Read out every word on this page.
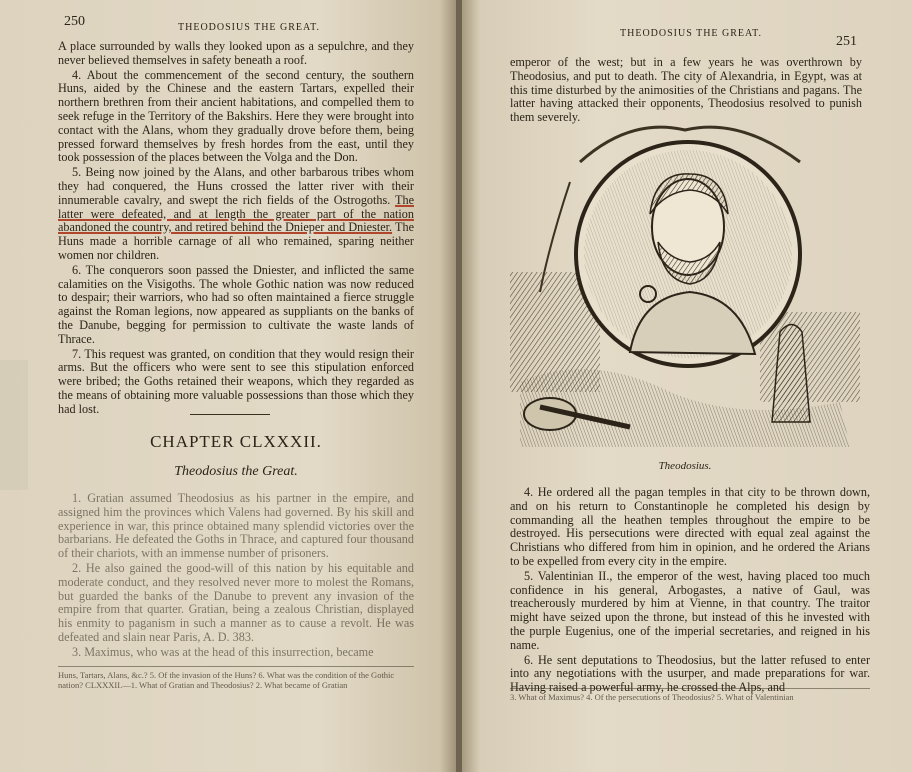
250	THEODOSIUS THE GREAT.

A place surrounded by walls they looked upon as a sepulchre, and they never believed themselves in safety beneath a roof.

4. About the commencement of the second century, the southern Huns, aided by the Chinese and the eastern Tartars, expelled their northern brethren from their ancient habitations, and compelled them to seek refuge in the Territory of the Bakshirs. Here they were brought into contact with the Alans, whom they gradually drove before them, being pressed forward themselves by fresh hordes from the east, until they took possession of the places between the Volga and the Don.

5. Being now joined by the Alans, and other barbarous tribes whom they had conquered, the Huns crossed the latter river with their innumerable cavalry, and swept the rich fields of the Ostrogoths. The latter were defeated, and at length the greater part of the nation abandoned the country, and retired behind the Dnieper and Dniester. The Huns made a horrible carnage of all who remained, sparing neither women nor children.

6. The conquerors soon passed the Dniester, and inflicted the same calamities on the Visigoths. The whole Gothic nation was now reduced to despair; their warriors, who had so often maintained a fierce struggle against the Roman legions, now appeared as suppliants on the banks of the Danube, begging for permission to cultivate the waste lands of Thrace.

7. This request was granted, on condition that they would resign their arms. But the officers who were sent to see this stipulation enforced were bribed; the Goths retained their weapons, which they regarded as the means of obtaining more valuable possessions than those which they had lost.

CHAPTER CLXXXII.
Theodosius the Great.

1. Gratian assumed Theodosius as his partner in the empire, and assigned him the provinces which Valens had governed. By his skill and experience in war, this prince obtained many splendid victories over the barbarians. He defeated the Goths in Thrace, and captured four thousand of their chariots, with an immense number of prisoners.

2. He also gained the good-will of this nation by his equitable and moderate conduct, and they resolved never more to molest the Romans, but guarded the banks of the Danube to prevent any invasion of the empire from that quarter. Gratian, being a zealous Christian, displayed his enmity to paganism in such a manner as to cause a revolt. He was defeated and slain near Paris, A. D. 383.

3. Maximus, who was at the head of this insurrection, became

Huns, Tartars, Alans, &c.? 5. Of the invasion of the Huns? 6. What was the condition of the Gothic nation? CLXXXII.—1. What of Gratian and Theodosius? 2. What became of Gratian
THEODOSIUS THE GREAT.
251

emperor of the west; but in a few years he was overthrown by Theodosius, and put to death. The city of Alexandria, in Egypt, was at this time disturbed by the animosities of the Christians and pagans. The latter having attacked their opponents, Theodosius resolved to punish them severely.

Theodosius.

4. He ordered all the pagan temples in that city to be thrown down, and on his return to Constantinople he completed his design by commanding all the heathen temples throughout the empire to be destroyed. His persecutions were directed with equal zeal against the Christians who differed from him in opinion, and he ordered the Arians to be expelled from every city in the empire.

5. Valentinian II., the emperor of the west, having placed too much confidence in his general, Arbogastes, a native of Gaul, was treacherously murdered by him at Vienne, in that country. The traitor might have seized upon the throne, but instead of this he invested with the purple Eugenius, one of the imperial secretaries, and reigned in his name.

6. He sent deputations to Theodosius, but the latter refused to enter into any negotiations with the usurper, and made preparations for war.

3. What of Maximus? 4. Of the persecutions of Theodosius? 5. What of Valentinian
